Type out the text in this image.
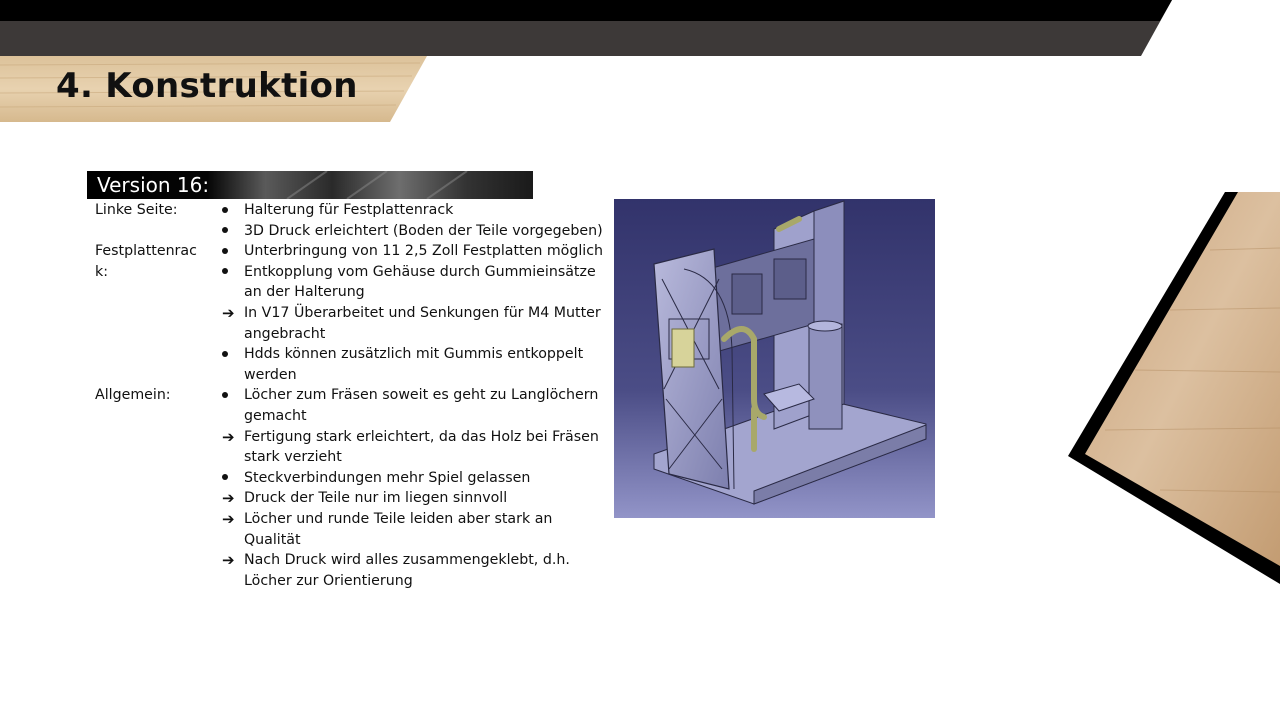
4. Konstruktion
Version 16:
Linke Seite:	Halterung für Festplattenrack
3D Druck erleichtert (Boden der Teile vorgegeben)
Festplattenrack:
Unterbringung von 11 2,5 Zoll Festplatten möglich
Entkopplung vom Gehäuse durch Gummieinsätze an der Halterung
➔ In V17 Überarbeitet und Senkungen für M4 Mutter angebracht
Hdds können zusätzlich mit Gummis entkoppelt werden
Allgemein:	Löcher zum Fräsen soweit es geht zu Langlöchern gemacht
➔ Fertigung stark erleichtert, da das Holz bei Fräsen stark verzieht
Steckverbindungen mehr Spiel gelassen
➔ Druck der Teile nur im liegen sinnvoll
➔ Löcher und runde Teile leiden aber stark an Qualität
➔ Nach Druck wird alles zusammengeklebt, d.h. Löcher zur Orientierung
